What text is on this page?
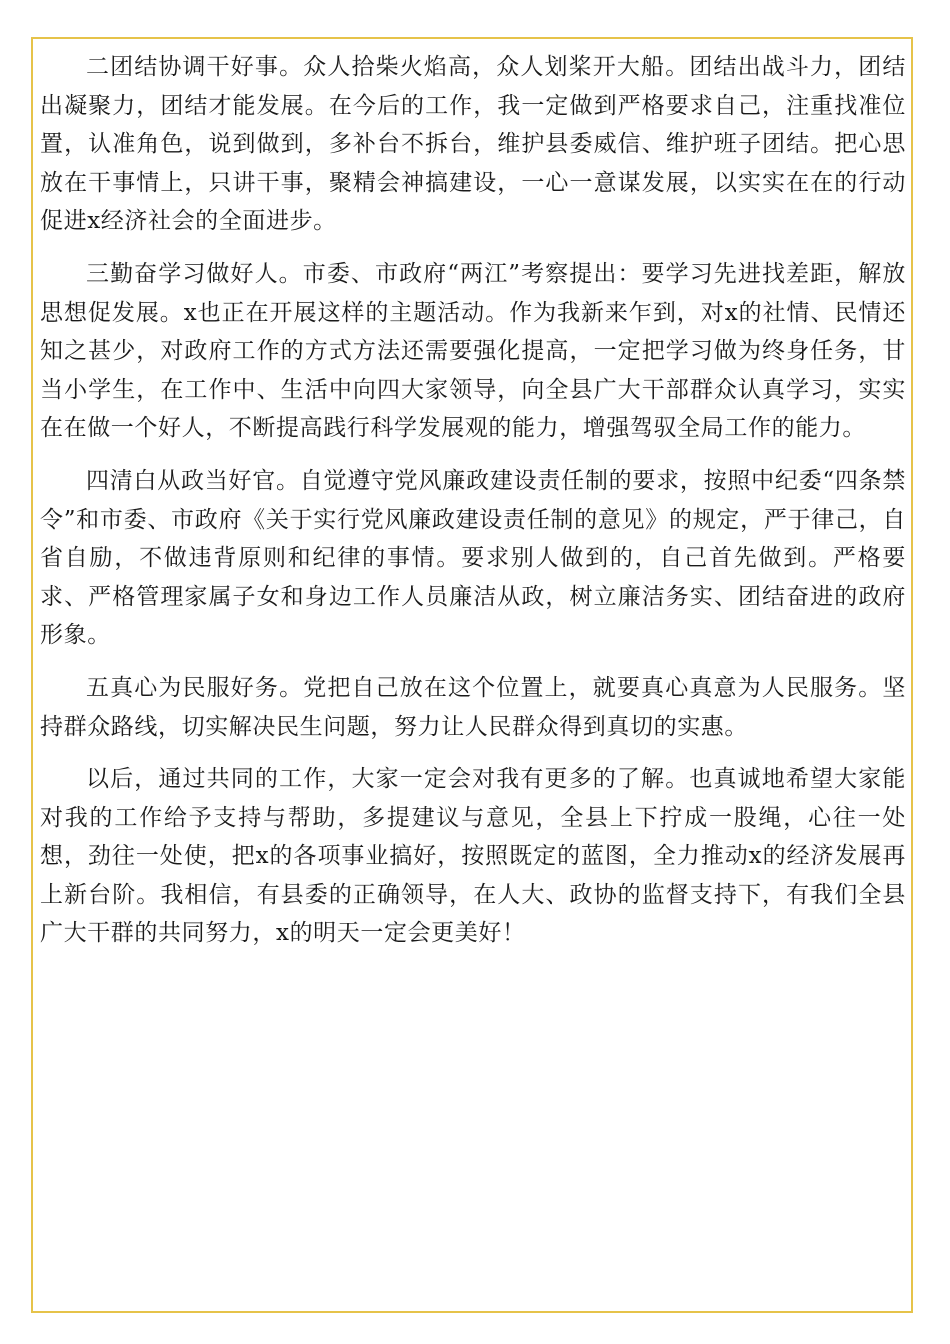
二团结协调干好事。众人拾柴火焰高，众人划桨开大船。团结出战斗力，团结出凝聚力，团结才能发展。在今后的工作，我一定做到严格要求自己，注重找准位置，认准角色，说到做到，多补台不拆台，维护县委威信、维护班子团结。把心思放在干事情上，只讲干事，聚精会神搞建设，一心一意谋发展，以实实在在的行动促进x经济社会的全面进步。

三勤奋学习做好人。市委、市政府“两江”考察提出：要学习先进找差距，解放思想促发展。x也正在开展这样的主题活动。作为我新来乍到，对x的社情、民情还知之甚少，对政府工作的方式方法还需要强化提高，一定把学习做为终身任务，甘当小学生，在工作中、生活中向四大家领导，向全县广大干部群众认真学习，实实在在做一个好人，不断提高践行科学发展观的能力，增强驾驭全局工作的能力。

四清白从政当好官。自觉遵守党风廉政建设责任制的要求，按照中纪委“四条禁令”和市委、市政府《关于实行党风廉政建设责任制的意见》的规定，严于律己，自省自励，不做违背原则和纪律的事情。要求别人做到的，自己首先做到。严格要求、严格管理家属子女和身边工作人员廉洁从政，树立廉洁务实、团结奋进的政府形象。

五真心为民服好务。党把自己放在这个位置上，就要真心真意为人民服务。坚持群众路线，切实解决民生问题，努力让人民群众得到真切的实惠。

以后，通过共同的工作，大家一定会对我有更多的了解。也真诚地希望大家能对我的工作给予支持与帮助，多提建议与意见，全县上下拧成一股绳，心往一处想，劲往一处使，把x的各项事业搞好，按照既定的蓝图，全力推动x的经济发展再上新台阶。我相信，有县委的正确领导，在人大、政协的监督支持下，有我们全县广大干群的共同努力，x的明天一定会更美好！
